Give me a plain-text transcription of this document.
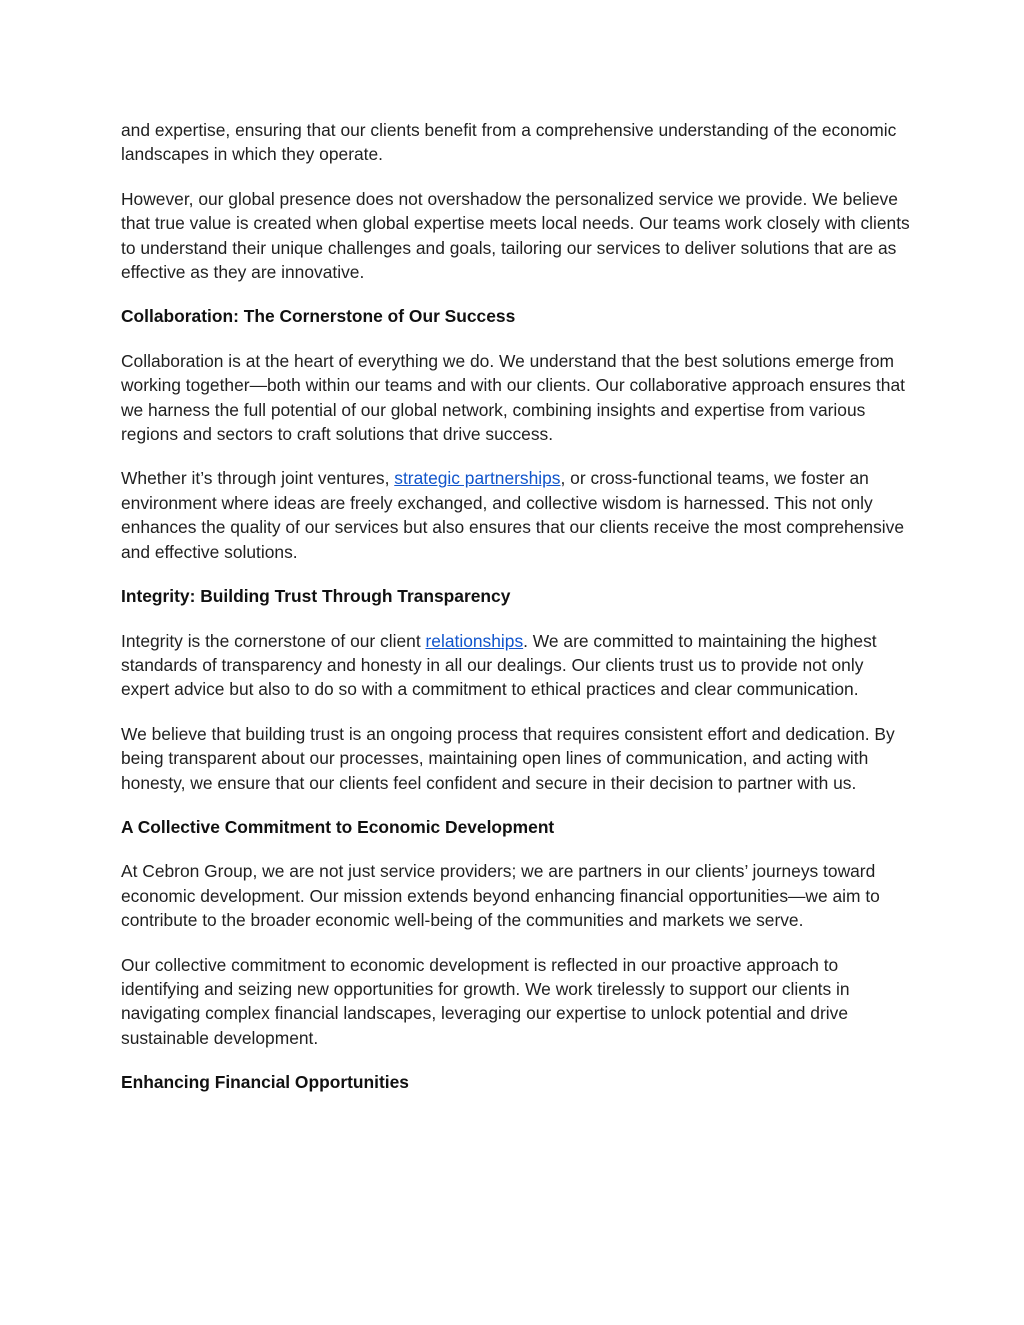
and expertise, ensuring that our clients benefit from a comprehensive understanding of the economic landscapes in which they operate.

However, our global presence does not overshadow the personalized service we provide. We believe that true value is created when global expertise meets local needs. Our teams work closely with clients to understand their unique challenges and goals, tailoring our services to deliver solutions that are as effective as they are innovative.

Collaboration: The Cornerstone of Our Success

Collaboration is at the heart of everything we do. We understand that the best solutions emerge from working together—both within our teams and with our clients. Our collaborative approach ensures that we harness the full potential of our global network, combining insights and expertise from various regions and sectors to craft solutions that drive success.

Whether it’s through joint ventures, strategic partnerships, or cross-functional teams, we foster an environment where ideas are freely exchanged, and collective wisdom is harnessed. This not only enhances the quality of our services but also ensures that our clients receive the most comprehensive and effective solutions.

Integrity: Building Trust Through Transparency

Integrity is the cornerstone of our client relationships. We are committed to maintaining the highest standards of transparency and honesty in all our dealings. Our clients trust us to provide not only expert advice but also to do so with a commitment to ethical practices and clear communication.

We believe that building trust is an ongoing process that requires consistent effort and dedication. By being transparent about our processes, maintaining open lines of communication, and acting with honesty, we ensure that our clients feel confident and secure in their decision to partner with us.

A Collective Commitment to Economic Development

At Cebron Group, we are not just service providers; we are partners in our clients’ journeys toward economic development. Our mission extends beyond enhancing financial opportunities—we aim to contribute to the broader economic well-being of the communities and markets we serve.

Our collective commitment to economic development is reflected in our proactive approach to identifying and seizing new opportunities for growth. We work tirelessly to support our clients in navigating complex financial landscapes, leveraging our expertise to unlock potential and drive sustainable development.

Enhancing Financial Opportunities
